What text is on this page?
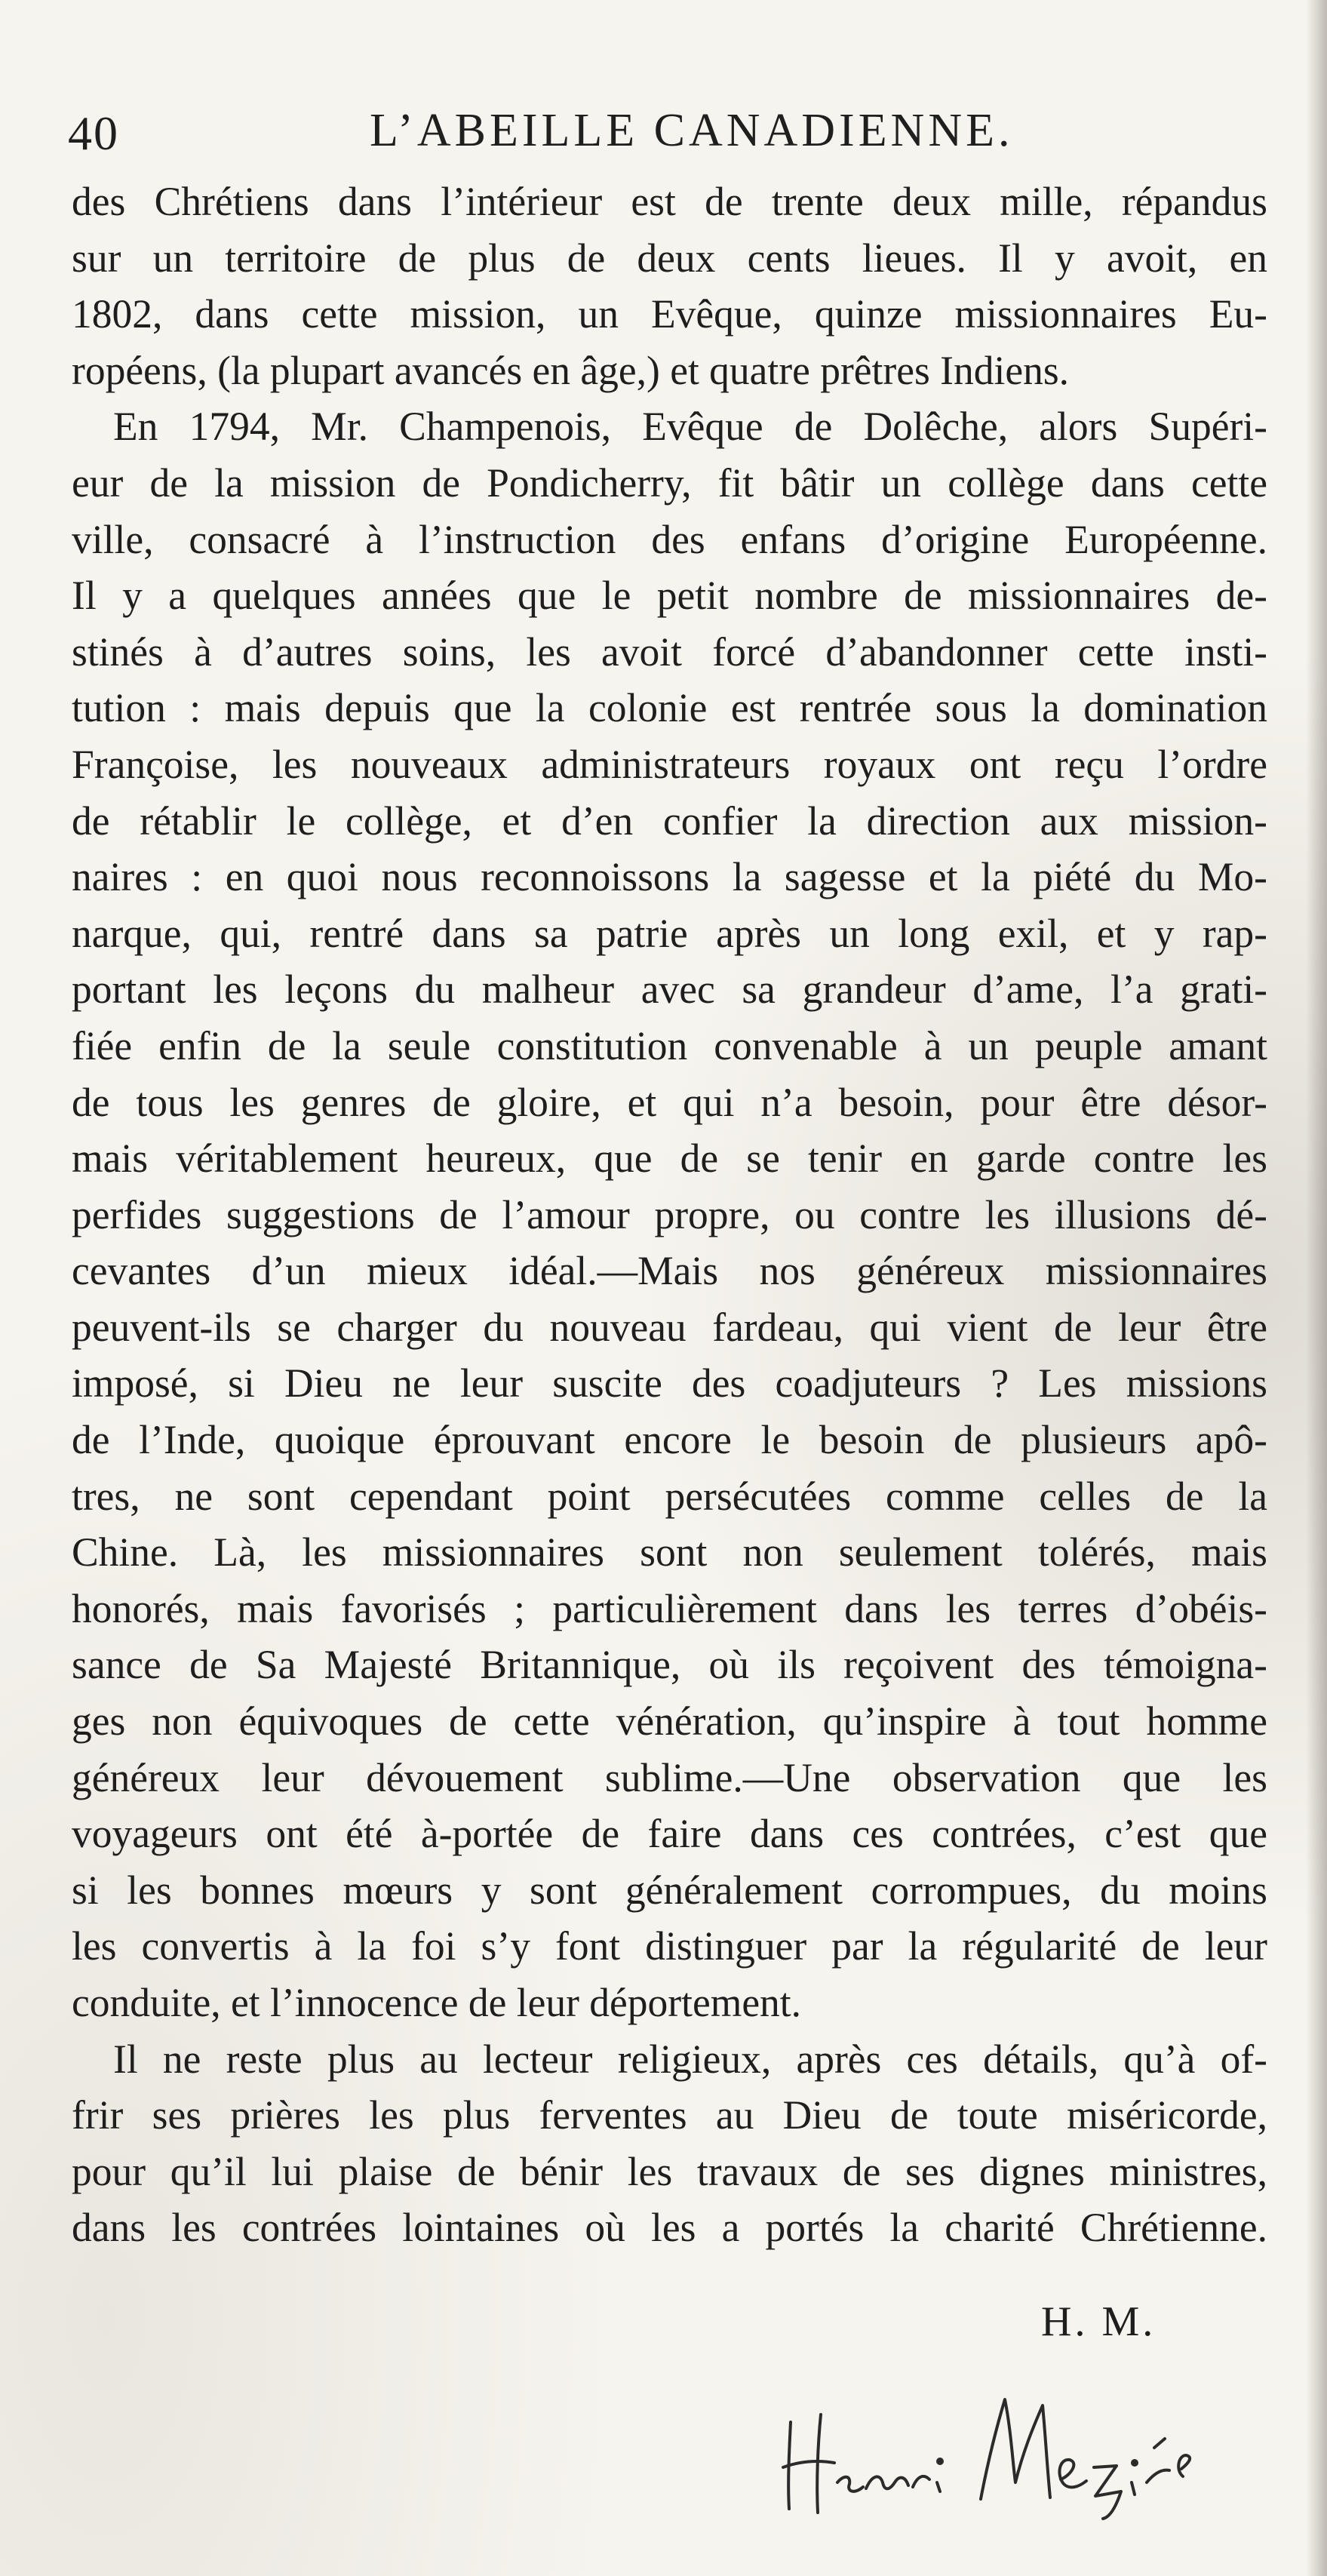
40	L’ABEILLE CANADIENNE.
des Chrétiens dans l’intérieur est de trente deux mille, répandus
sur un territoire de plus de deux cents lieues. Il y avoit, en
1802, dans cette mission, un Evêque, quinze missionnaires Eu-
ropéens, (la plupart avancés en âge,) et quatre prêtres Indiens.
En 1794, Mr. Champenois, Evêque de Dolêche, alors Supéri-
eur de la mission de Pondicherry, fit bâtir un collège dans cette
ville, consacré à l’instruction des enfans d’origine Européenne.
Il y a quelques années que le petit nombre de missionnaires de-
stinés à d’autres soins, les avoit forcé d’abandonner cette insti-
tution : mais depuis que la colonie est rentrée sous la domination
Françoise, les nouveaux administrateurs royaux ont reçu l’ordre
de rétablir le collège, et d’en confier la direction aux mission-
naires : en quoi nous reconnoissons la sagesse et la piété du Mo-
narque, qui, rentré dans sa patrie après un long exil, et y rap-
portant les leçons du malheur avec sa grandeur d’ame, l’a grati-
fiée enfin de la seule constitution convenable à un peuple amant
de tous les genres de gloire, et qui n’a besoin, pour être désor-
mais véritablement heureux, que de se tenir en garde contre les
perfides suggestions de l’amour propre, ou contre les illusions dé-
cevantes d’un mieux idéal.—Mais nos généreux missionnaires
peuvent-ils se charger du nouveau fardeau, qui vient de leur être
imposé, si Dieu ne leur suscite des coadjuteurs ? Les missions
de l’Inde, quoique éprouvant encore le besoin de plusieurs apô-
tres, ne sont cependant point persécutées comme celles de la
Chine. Là, les missionnaires sont non seulement tolérés, mais
honorés, mais favorisés ; particulièrement dans les terres d’obéis-
sance de Sa Majesté Britannique, où ils reçoivent des témoigna-
ges non équivoques de cette vénération, qu’inspire à tout homme
généreux leur dévouement sublime.—Une observation que les
voyageurs ont été à-portée de faire dans ces contrées, c’est que
si les bonnes mœurs y sont généralement corrompues, du moins
les convertis à la foi s’y font distinguer par la régularité de leur
conduite, et l’innocence de leur déportement.
Il ne reste plus au lecteur religieux, après ces détails, qu’à of-
frir ses prières les plus ferventes au Dieu de toute miséricorde,
pour qu’il lui plaise de bénir les travaux de ses dignes ministres,
dans les contrées lointaines où les a portés la charité Chrétienne.
H. M.
Henri Mezière
